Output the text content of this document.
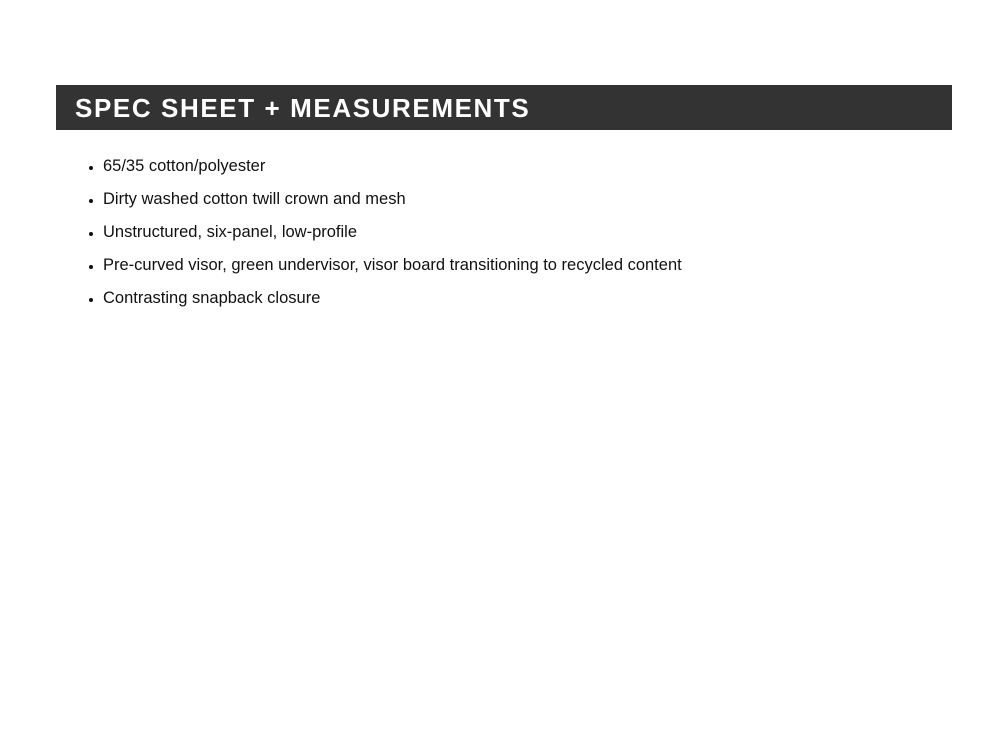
SPEC SHEET + MEASUREMENTS
65/35 cotton/polyester
Dirty washed cotton twill crown and mesh
Unstructured, six-panel, low-profile
Pre-curved visor, green undervisor, visor board transitioning to recycled content
Contrasting snapback closure
